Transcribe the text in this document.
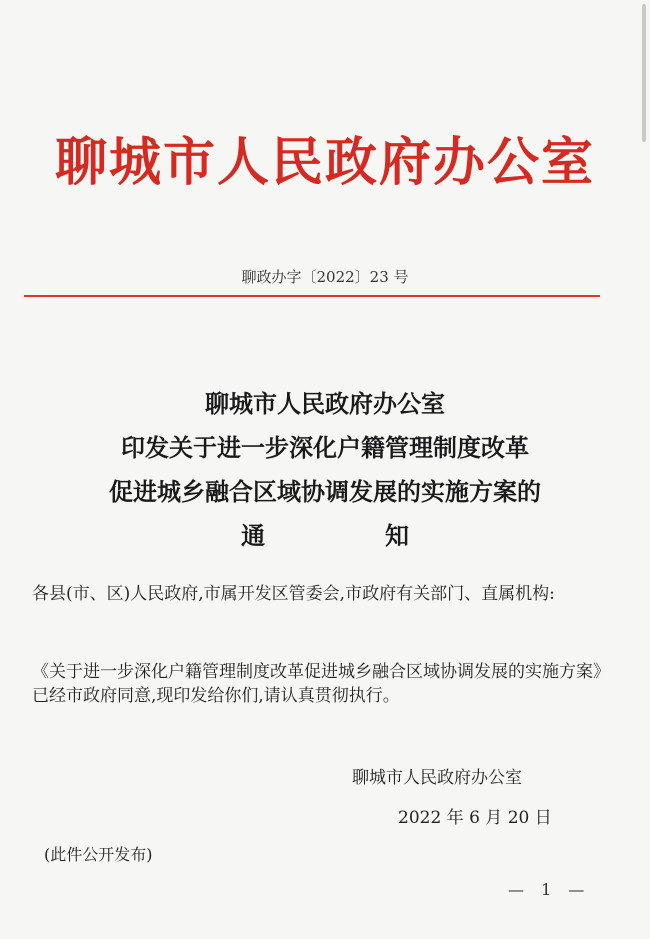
聊城市人民政府办公室
聊政办字〔2022〕23 号
聊城市人民政府办公室
印发关于进一步深化户籍管理制度改革
促进城乡融合区域协调发展的实施方案的
通	知
各县(市、区)人民政府,市属开发区管委会,市政府有关部门、直属机构:
《关于进一步深化户籍管理制度改革促进城乡融合区域协调发展的实施方案》已经市政府同意,现印发给你们,请认真贯彻执行。
聊城市人民政府办公室
2022 年 6 月 20 日
(此件公开发布)
— 1 —
